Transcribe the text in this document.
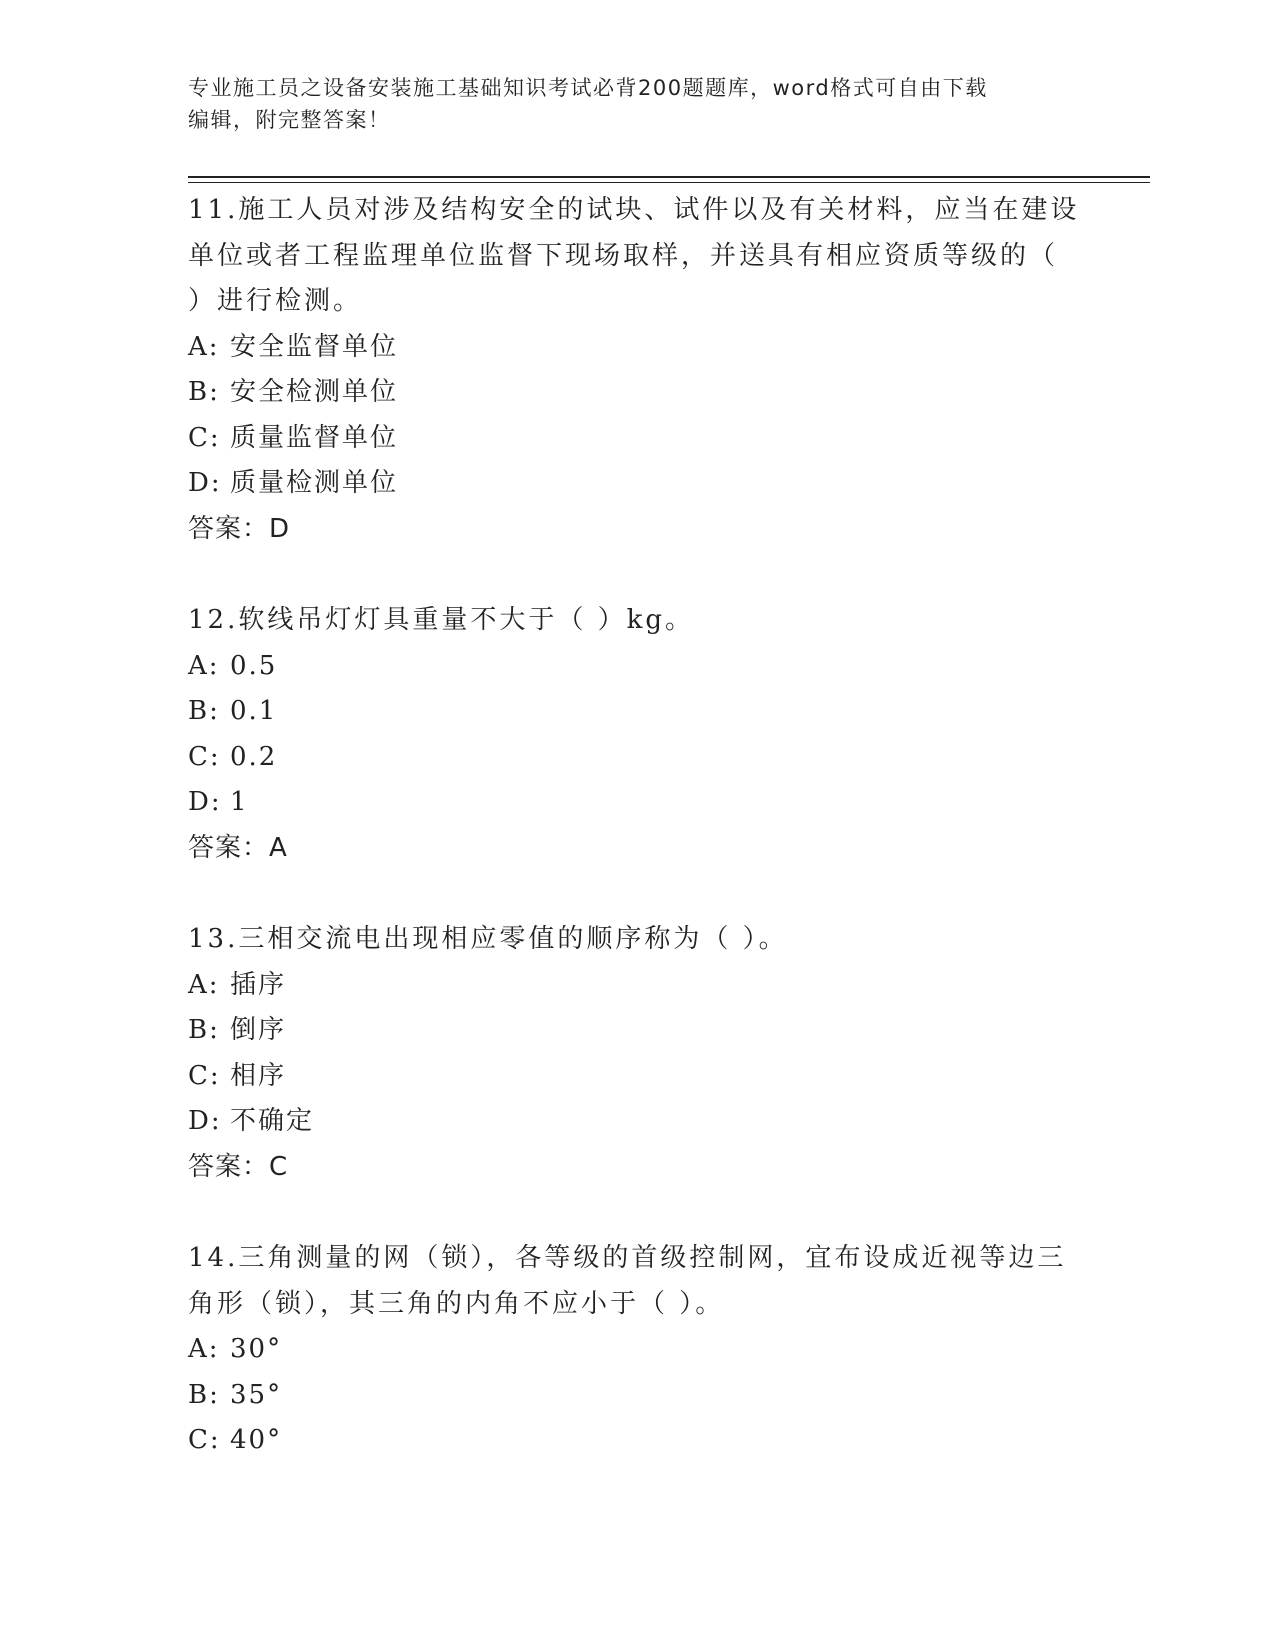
专业施工员之设备安装施工基础知识考试必背200题题库，word格式可自由下载
编辑，附完整答案！

11.施工人员对涉及结构安全的试块、试件以及有关材料，应当在建设

单位或者工程监理单位监督下现场取样，并送具有相应资质等级的（

）进行检测。

A: 安全监督单位

B: 安全检测单位

C: 质量监督单位

D: 质量检测单位

答案：D

12.软线吊灯灯具重量不大于（ ）kg。

A: 0.5

B: 0.1

C: 0.2

D: 1

答案：A

13.三相交流电出现相应零值的顺序称为（ ）。

A: 插序

B: 倒序

C: 相序

D: 不确定

答案：C

14.三角测量的网（锁），各等级的首级控制网，宜布设成近视等边三

角形（锁），其三角的内角不应小于（ ）。

A: 30°

B: 35°

C: 40°
